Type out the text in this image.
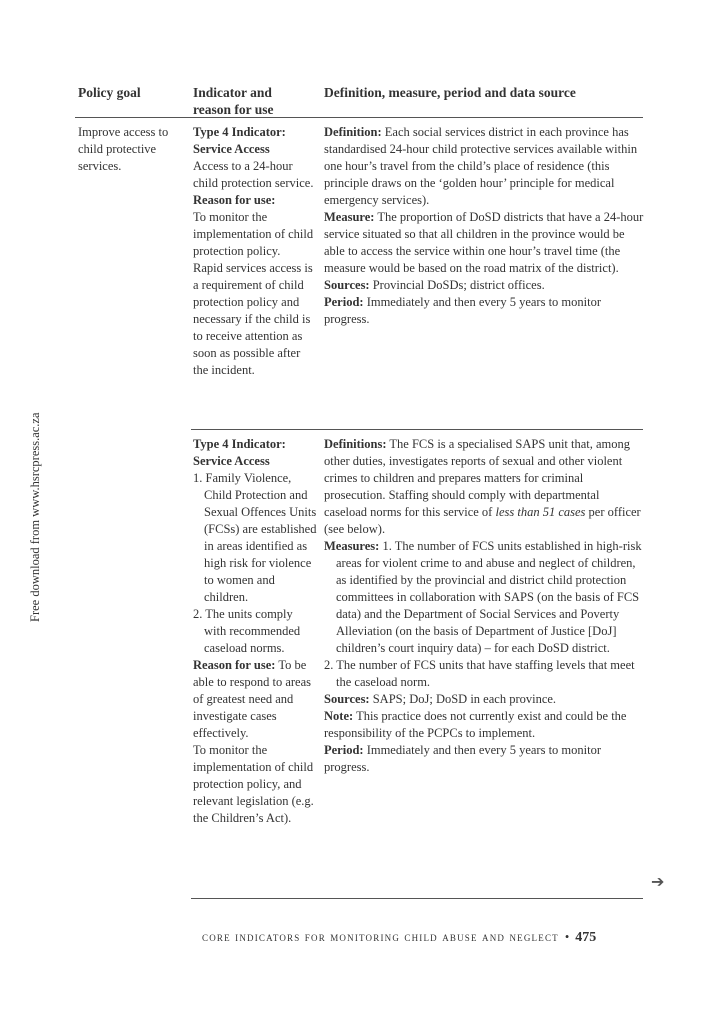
Free download from www.hsrcpress.ac.za
Policy goal	Indicator and reason for use
Definition, measure, period and data source

Improve access to child protective services.

Type 4 Indicator: Service Access

Access to a 24-hour child protection service.

Reason for use:

To monitor the implementation of child protection policy.

Rapid services access is a requirement of child protection policy and necessary if the child is to receive attention as soon as possible after the incident.

Definition: Each social services district in each province has standardised 24-hour child protective services available within one hour’s travel from the child’s place of residence (this principle draws on the ‘golden hour’ principle for medical emergency services).

Measure: The proportion of DoSD districts that have a 24-hour service situated so that all children in the province would be able to access the service within one hour’s travel time (the measure would be based on the road matrix of the district).

Sources: Provincial DoSDs; district offices.

Period: Immediately and then every 5 years to monitor progress.

Type 4 Indicator: Service Access

1. Family Violence, Child Protection and Sexual Offences Units (FCSs) are established in areas identified as high risk for violence to women and children.

2. The units comply with recommended caseload norms.

Reason for use: To be able to respond to areas of greatest need and investigate cases effectively.

To monitor the implementation of child protection policy, and relevant legislation (e.g. the Children’s Act).

Definitions: The FCS is a specialised SAPS unit that, among other duties, investigates reports of sexual and other violent crimes to children and prepares matters for criminal prosecution. Staffing should comply with departmental caseload norms for this service of less than 51 cases per officer (see below).

Measures: 1. The number of FCS units established in high-risk areas for violent crime to and abuse and neglect of children, as identified by the provincial and district child protection committees in collaboration with SAPS (on the basis of FCS data) and the Department of Social Services and Poverty Alleviation (on the basis of Department of Justice [DoJ] children’s court inquiry data) – for each DoSD district.

2. The number of FCS units that have staffing levels that meet the caseload norm.

Sources: SAPS; DoJ; DoSD in each province.

Note: This practice does not currently exist and could be the responsibility of the PCPCs to implement.

Period: Immediately and then every 5 years to monitor progress.

➔
core indicators for monitoring child abuse and neglect • 475
